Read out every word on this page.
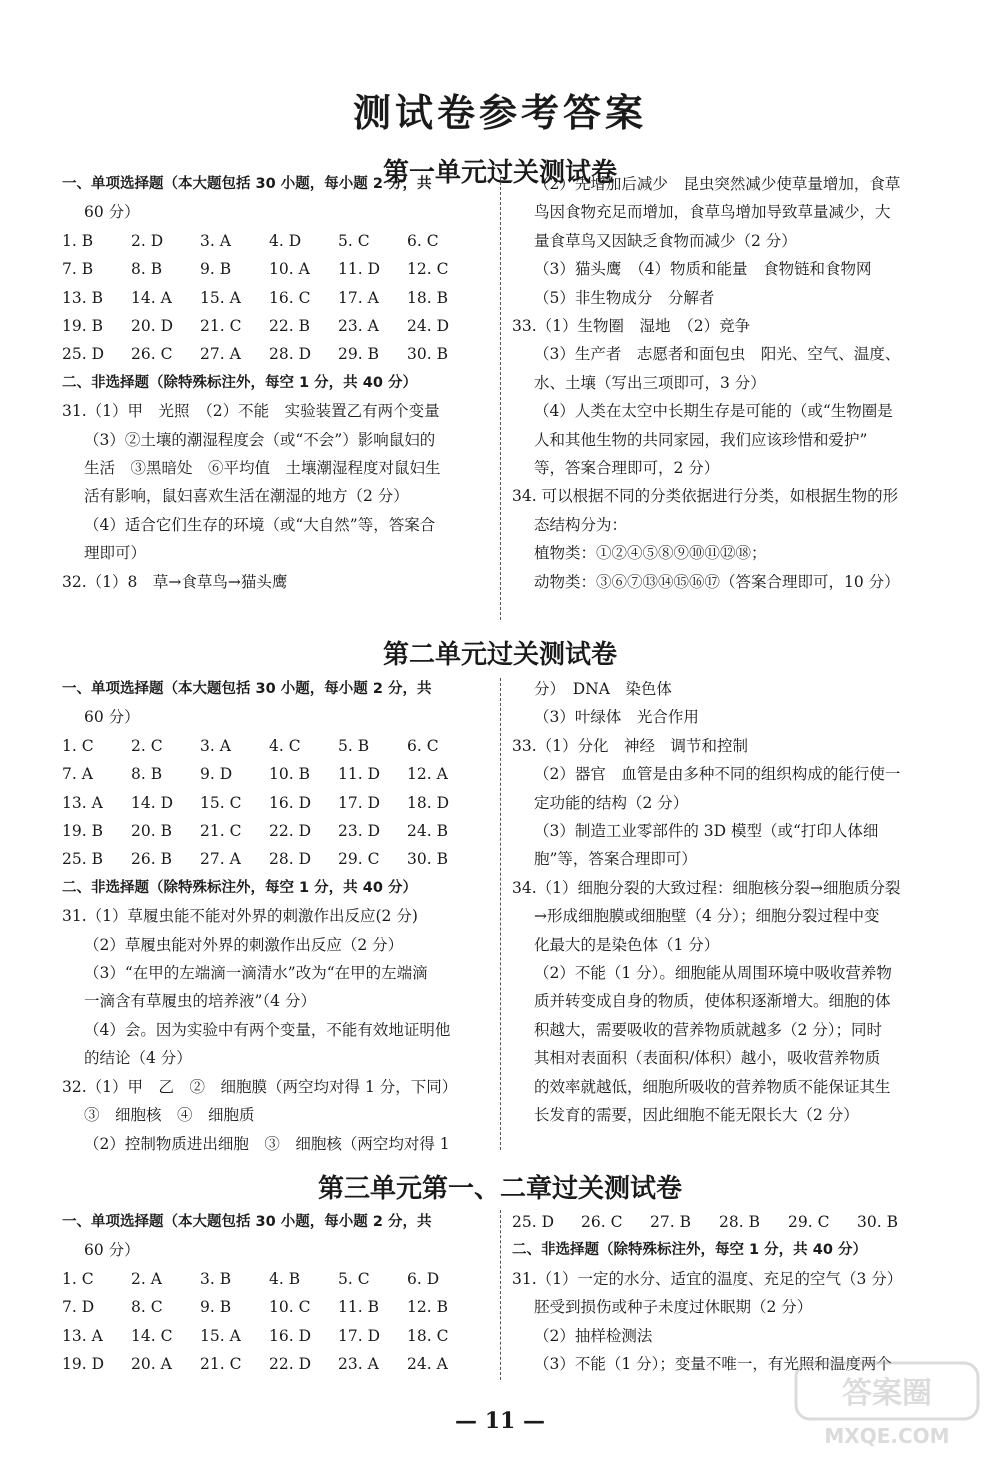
测试卷参考答案
第一单元过关测试卷
一、单项选择题（本大题包括 30 小题，每小题 2 分，共
60 分）
1. B	2. D	3. A	4. D	5. C	6. C
7. B	8. B	9. B	10. A	11. D	12. C
13. B	14. A	15. A	16. C	17. A	18. B
19. B	20. D	21. C	22. B	23. A	24. D
25. D	26. C	27. A	28. D	29. B	30. B
二、非选择题（除特殊标注外，每空 1 分，共 40 分）
31.（1）甲　光照　（2）不能　实验装置乙有两个变量
（3）②土壤的潮湿程度会（或“不会”）影响鼠妇的
生活　③黑暗处　⑥平均值　土壤潮湿程度对鼠妇生
活有影响，鼠妇喜欢生活在潮湿的地方（2 分）
（4）适合它们生存的环境（或“大自然”等，答案合
理即可）
32.（1）8　草→食草鸟→猫头鹰
（2）先增加后减少　昆虫突然减少使草量增加，食草
鸟因食物充足而增加，食草鸟增加导致草量减少，大
量食草鸟又因缺乏食物而减少（2 分）
（3）猫头鹰　（4）物质和能量　食物链和食物网
（5）非生物成分　分解者
33.（1）生物圈　湿地　（2）竞争
（3）生产者　志愿者和面包虫　阳光、空气、温度、
水、土壤（写出三项即可，3 分）
（4）人类在太空中长期生存是可能的（或“生物圈是
人和其他生物的共同家园，我们应该珍惜和爱护”
等，答案合理即可，2 分）
34. 可以根据不同的分类依据进行分类，如根据生物的形
态结构分为：
植物类：①②④⑤⑧⑨⑩⑪⑫⑱；
动物类：③⑥⑦⑬⑭⑮⑯⑰（答案合理即可，10 分）
第二单元过关测试卷
一、单项选择题（本大题包括 30 小题，每小题 2 分，共
60 分）
1. C	2. C	3. A	4. C	5. B	6. C
7. A	8. B	9. D	10. B	11. D	12. A
13. A	14. D	15. C	16. D	17. D	18. D
19. B	20. B	21. C	22. D	23. D	24. B
25. B	26. B	27. A	28. D	29. C	30. B
二、非选择题（除特殊标注外，每空 1 分，共 40 分）
31.（1）草履虫能不能对外界的刺激作出反应(2 分)
（2）草履虫能对外界的刺激作出反应（2 分）
（3）“在甲的左端滴一滴清水”改为“在甲的左端滴
一滴含有草履虫的培养液”（4 分）
（4）会。因为实验中有两个变量，不能有效地证明他
的结论（4 分）
32.（1）甲　乙　②　细胞膜（两空均对得 1 分，下同）
③　细胞核　④　细胞质
（2）控制物质进出细胞　③　细胞核（两空均对得 1
分）　DNA　染色体
（3）叶绿体　光合作用
33.（1）分化　神经　调节和控制
（2）器官　血管是由多种不同的组织构成的能行使一
定功能的结构（2 分）
（3）制造工业零部件的 3D 模型（或“打印人体细
胞”等，答案合理即可）
34.（1）细胞分裂的大致过程：细胞核分裂→细胞质分裂
→形成细胞膜或细胞壁（4 分）；细胞分裂过程中变
化最大的是染色体（1 分）
（2）不能（1 分）。细胞能从周围环境中吸收营养物
质并转变成自身的物质，使体积逐渐增大。细胞的体
积越大，需要吸收的营养物质就越多（2 分）；同时
其相对表面积（表面积/体积）越小，吸收营养物质
的效率就越低，细胞所吸收的营养物质不能保证其生
长发育的需要，因此细胞不能无限长大（2 分）
第三单元第一、二章过关测试卷
一、单项选择题（本大题包括 30 小题，每小题 2 分，共
60 分）
1. C	2. A	3. B	4. B	5. C	6. D
7. D	8. C	9. B	10. C	11. B	12. B
13. A	14. C	15. A	16. D	17. D	18. C
19. D	20. A	21. C	22. D	23. A	24. A
25. D	26. C	27. B	28. B	29. C	30. B
二、非选择题（除特殊标注外，每空 1 分，共 40 分）
31.（1）一定的水分、适宜的温度、充足的空气（3 分）
胚受到损伤或种子未度过休眠期（2 分）
（2）抽样检测法
（3）不能（1 分）；变量不唯一，有光照和温度两个
— 11 —
答案圈
MXQE.COM
